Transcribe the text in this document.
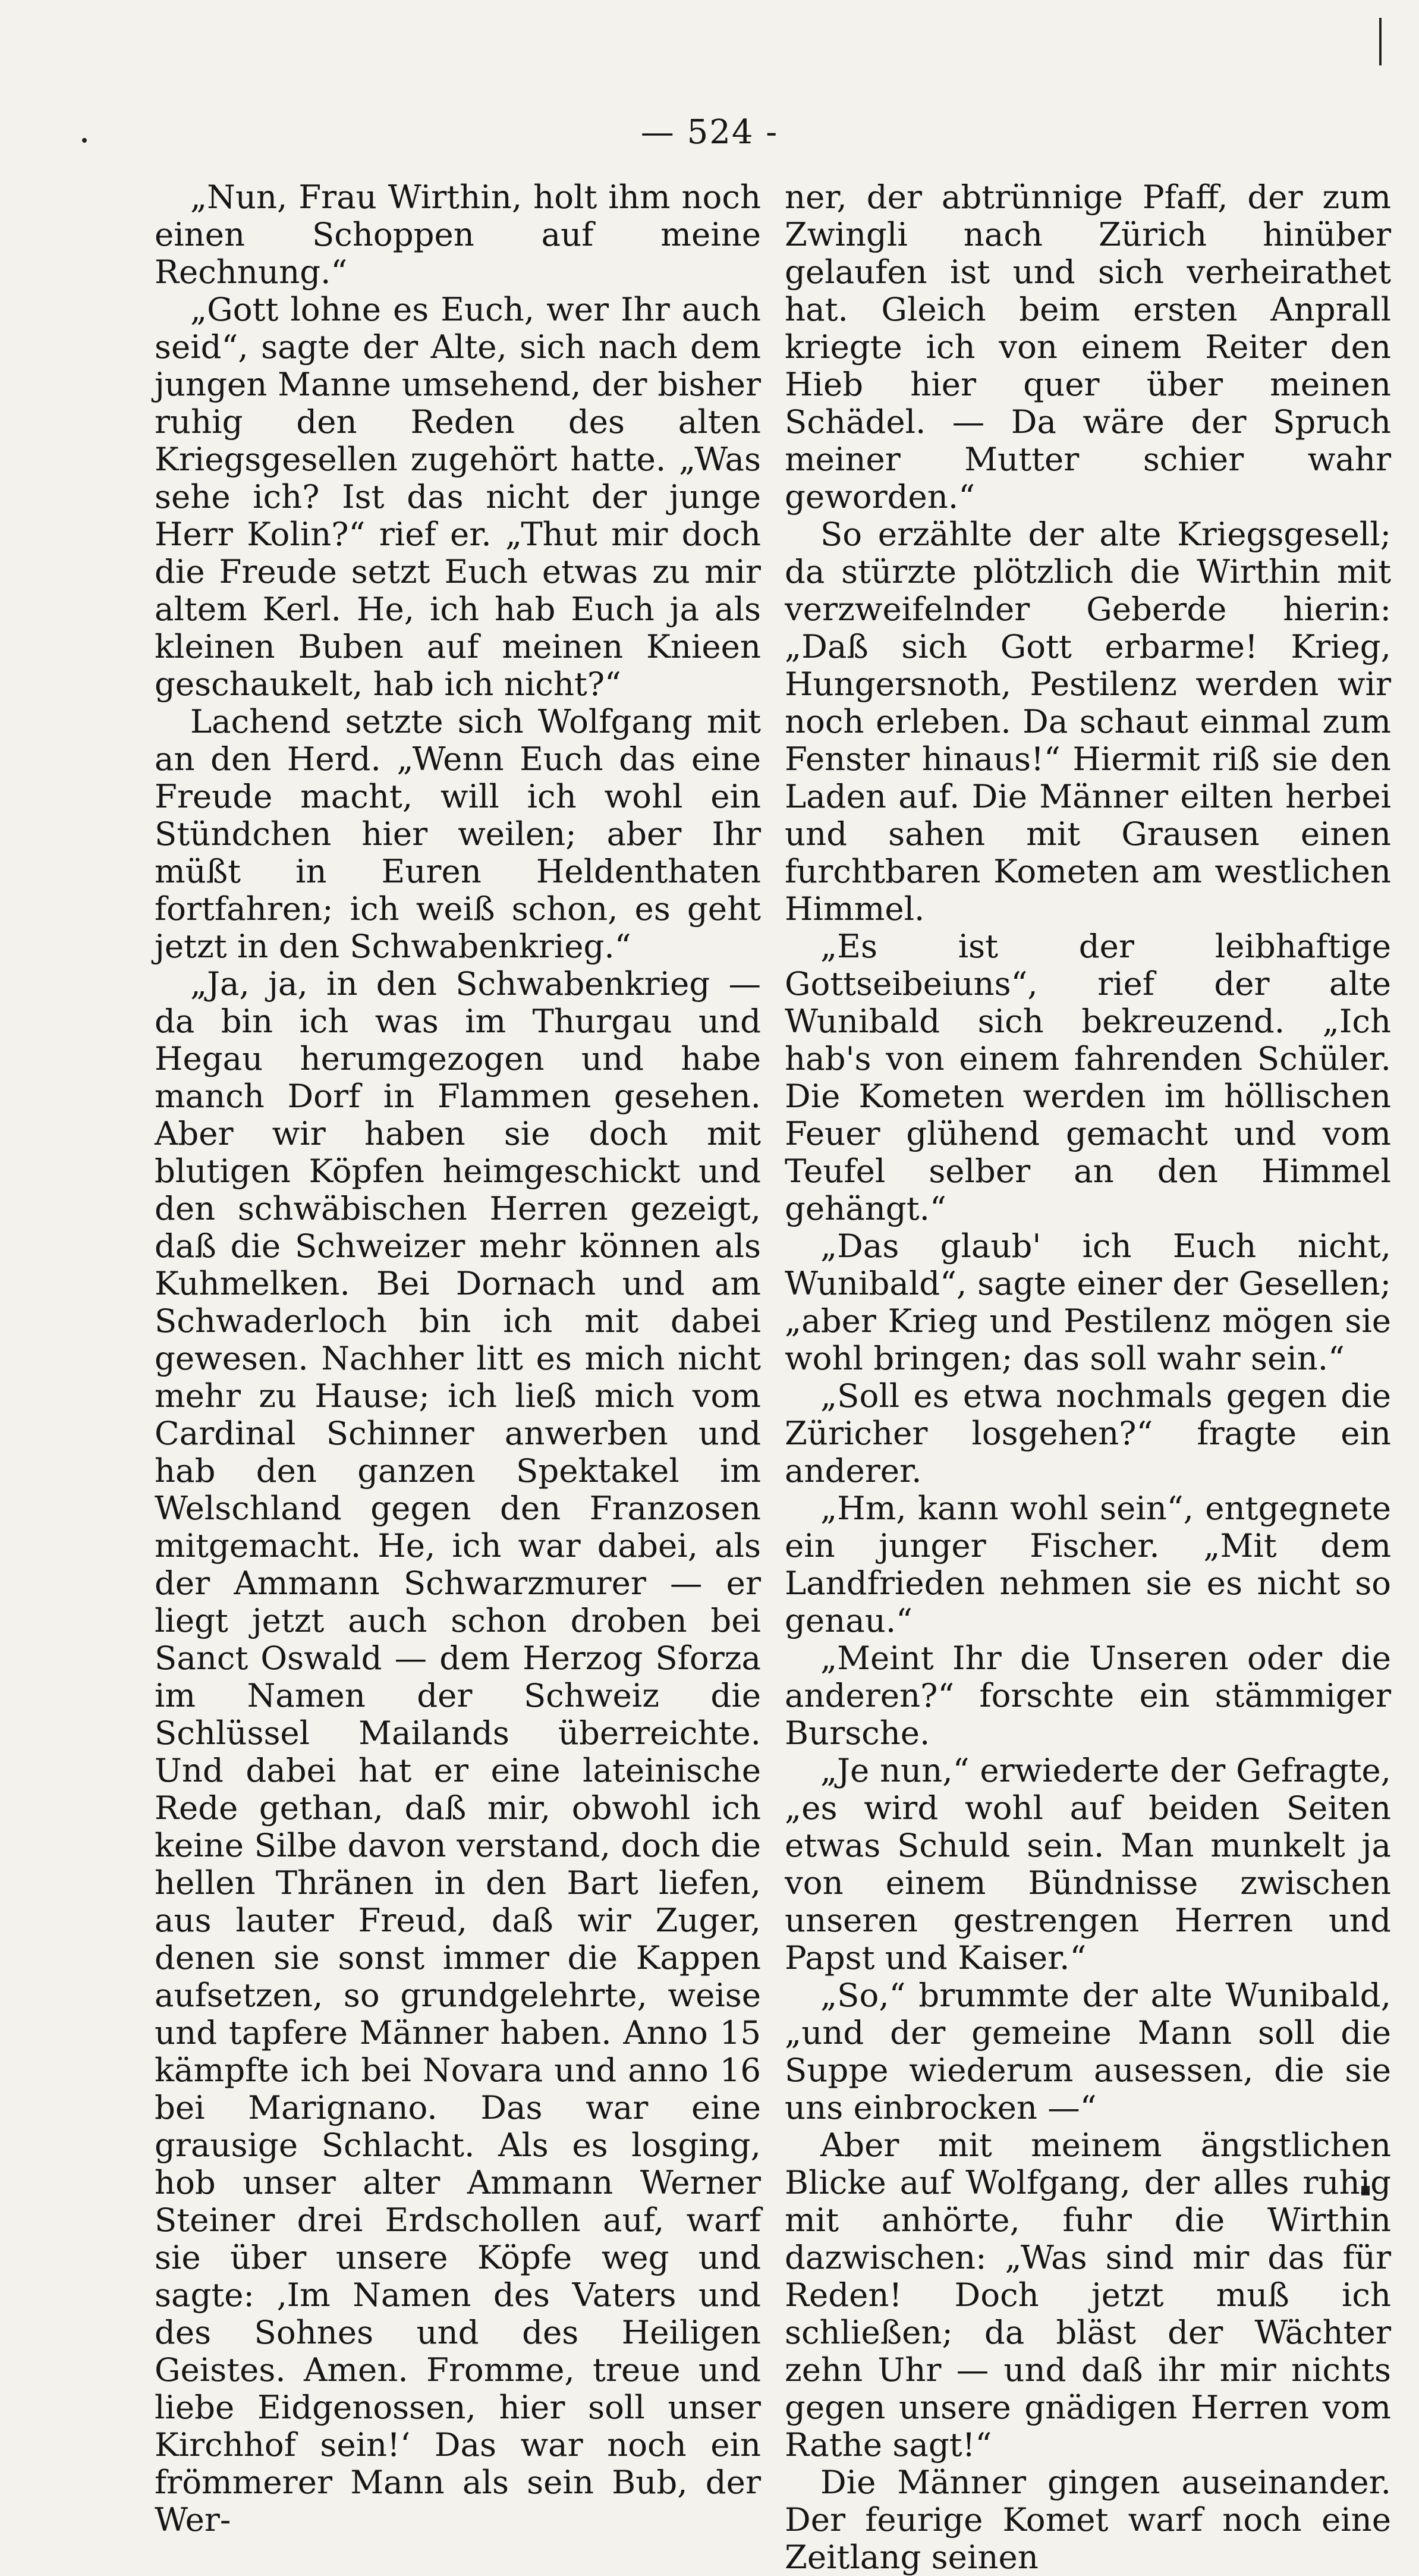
— 524 -

„Nun, Frau Wirthin, holt ihm noch einen Schoppen auf meine Rechnung.“

„Gott lohne es Euch, wer Ihr auch seid“, sagte der Alte, sich nach dem jungen Manne umsehend, der bisher ruhig den Reden des alten Kriegsgesellen zugehört hatte. „Was sehe ich? Ist das nicht der junge Herr Kolin?“ rief er. „Thut mir doch die Freude setzt Euch etwas zu mir altem Kerl. He, ich hab Euch ja als kleinen Buben auf meinen Knieen geschaukelt, hab ich nicht?“

Lachend setzte sich Wolfgang mit an den Herd. „Wenn Euch das eine Freude macht, will ich wohl ein Stündchen hier weilen; aber Ihr müßt in Euren Heldenthaten fortfahren; ich weiß schon, es geht jetzt in den Schwabenkrieg.“

„Ja, ja, in den Schwabenkrieg — da bin ich was im Thurgau und Hegau herumgezogen und habe manch Dorf in Flammen gesehen. Aber wir haben sie doch mit blutigen Köpfen heimgeschickt und den schwäbischen Herren gezeigt, daß die Schweizer mehr können als Kuhmelken. Bei Dornach und am Schwaderloch bin ich mit dabei gewesen. Nachher litt es mich nicht mehr zu Hause; ich ließ mich vom Cardinal Schinner anwerben und hab den ganzen Spektakel im Welschland gegen den Franzosen mitgemacht. He, ich war dabei, als der Ammann Schwarzmurer — er liegt jetzt auch schon droben bei Sanct Oswald — dem Herzog Sforza im Namen der Schweiz die Schlüssel Mailands überreichte. Und dabei hat er eine lateinische Rede gethan, daß mir, obwohl ich keine Silbe davon verstand, doch die hellen Thränen in den Bart liefen, aus lauter Freud, daß wir Zuger, denen sie sonst immer die Kappen aufsetzen, so grundgelehrte, weise und tapfere Männer haben. Anno 15 kämpfte ich bei Novara und anno 16 bei Marignano. Das war eine grausige Schlacht. Als es losging, hob unser alter Ammann Werner Steiner drei Erdschollen auf, warf sie über unsere Köpfe weg und sagte: ‚Im Namen des Vaters und des Sohnes und des Heiligen Geistes. Amen. Fromme, treue und liebe Eidgenossen, hier soll unser Kirchhof sein!‘ Das war noch ein frömmerer Mann als sein Bub, der Wer-

ner, der abtrünnige Pfaff, der zum Zwingli nach Zürich hinüber gelaufen ist und sich verheirathet hat. Gleich beim ersten Anprall kriegte ich von einem Reiter den Hieb hier quer über meinen Schädel. — Da wäre der Spruch meiner Mutter schier wahr geworden.“

So erzählte der alte Kriegsgesell; da stürzte plötzlich die Wirthin mit verzweifelnder Geberde hierin: „Daß sich Gott erbarme! Krieg, Hungersnoth, Pestilenz werden wir noch erleben. Da schaut einmal zum Fenster hinaus!“ Hiermit riß sie den Laden auf. Die Männer eilten herbei und sahen mit Grausen einen furchtbaren Kometen am westlichen Himmel.

„Es ist der leibhaftige Gottseibeiuns“, rief der alte Wunibald sich bekreuzend. „Ich hab's von einem fahrenden Schüler. Die Kometen werden im höllischen Feuer glühend gemacht und vom Teufel selber an den Himmel gehängt.“

„Das glaub' ich Euch nicht, Wunibald“, sagte einer der Gesellen; „aber Krieg und Pestilenz mögen sie wohl bringen; das soll wahr sein.“

„Soll es etwa nochmals gegen die Züricher losgehen?“ fragte ein anderer.

„Hm, kann wohl sein“, entgegnete ein junger Fischer. „Mit dem Landfrieden nehmen sie es nicht so genau.“

„Meint Ihr die Unseren oder die anderen?“ forschte ein stämmiger Bursche.

„Je nun,“ erwiederte der Gefragte, „es wird wohl auf beiden Seiten etwas Schuld sein. Man munkelt ja von einem Bündnisse zwischen unseren gestrengen Herren und Papst und Kaiser.“

„So,“ brummte der alte Wunibald, „und der gemeine Mann soll die Suppe wiederum ausessen, die sie uns einbrocken —“

Aber mit meinem ängstlichen Blicke auf Wolfgang, der alles ruhig mit anhörte, fuhr die Wirthin dazwischen: „Was sind mir das für Reden! Doch jetzt muß ich schließen; da bläst der Wächter zehn Uhr — und daß ihr mir nichts gegen unsere gnädigen Herren vom Rathe sagt!“

Die Männer gingen auseinander. Der feurige Komet warf noch eine Zeitlang seinen
